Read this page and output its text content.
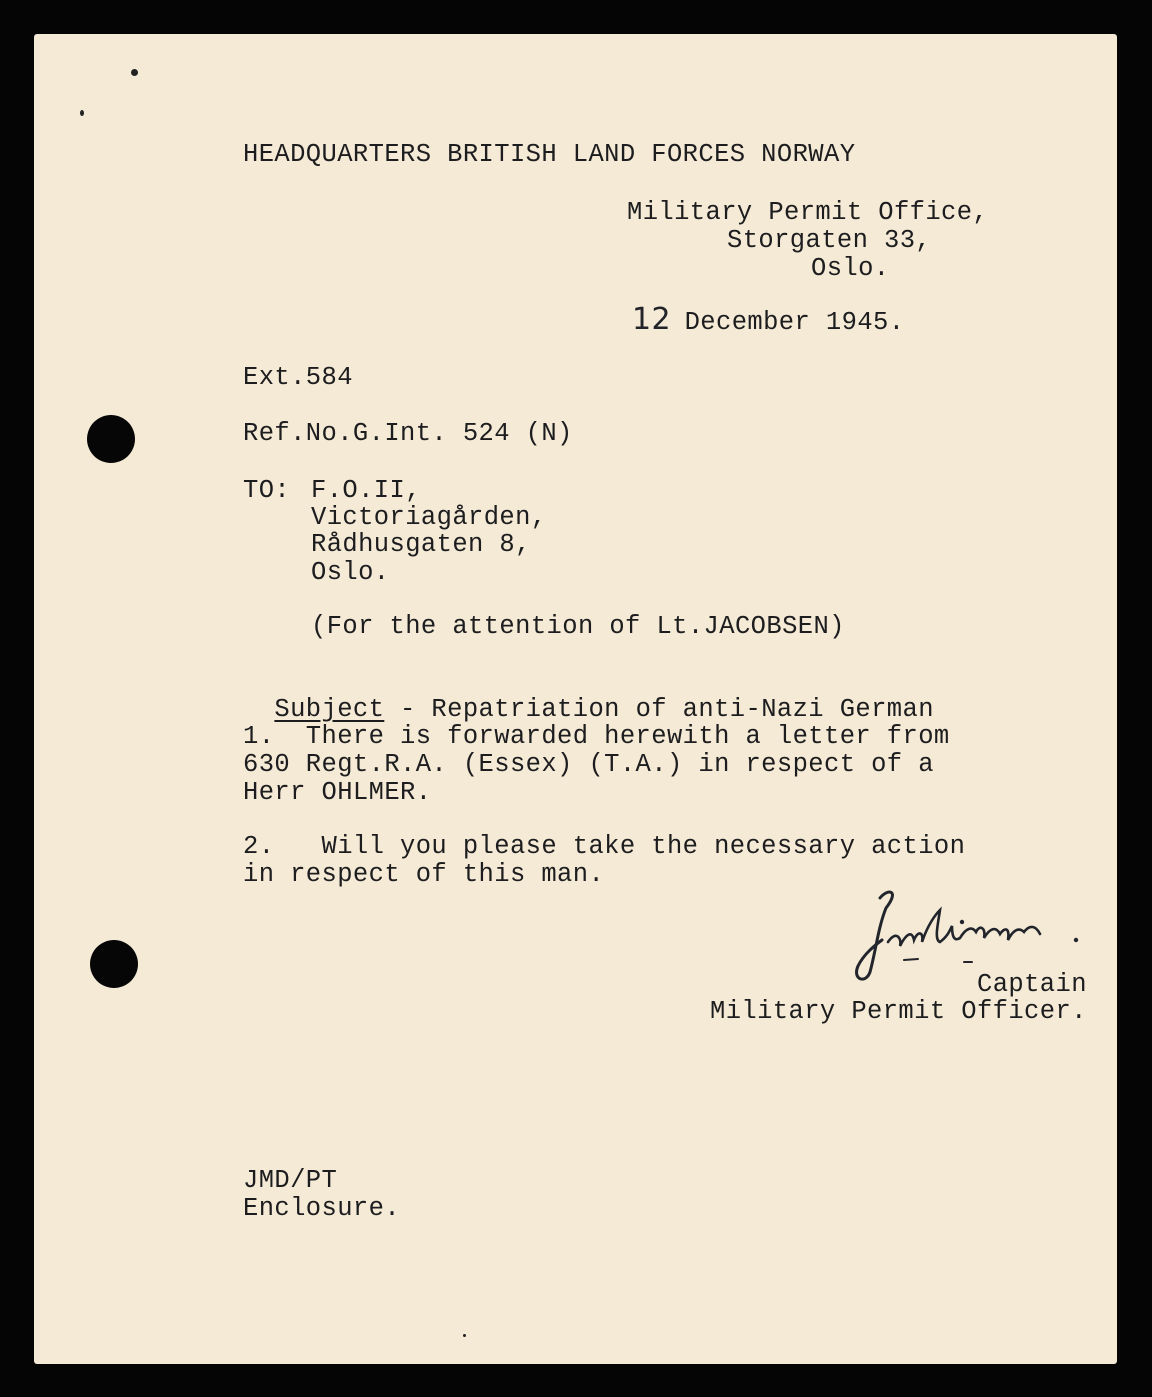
HEADQUARTERS BRITISH LAND FORCES NORWAY
Military Permit Office,
Storgaten 33,
Oslo.
12 December 1945.
Ext.584
Ref.No.G.Int. 524 (N)
TO: F.O.II,
Victoriagården,
Rådhusgaten 8,
Oslo.
(For the attention of Lt.JACOBSEN)

Subject - Repatriation of anti-Nazi German

1.  There is forwarded herewith a letter from
630 Regt.R.A. (Essex) (T.A.) in respect of a
Herr OHLMER.
2.   Will you please take the necessary action
in respect of this man.
Captain
Military Permit Officer.
JMD/PT
Enclosure.
